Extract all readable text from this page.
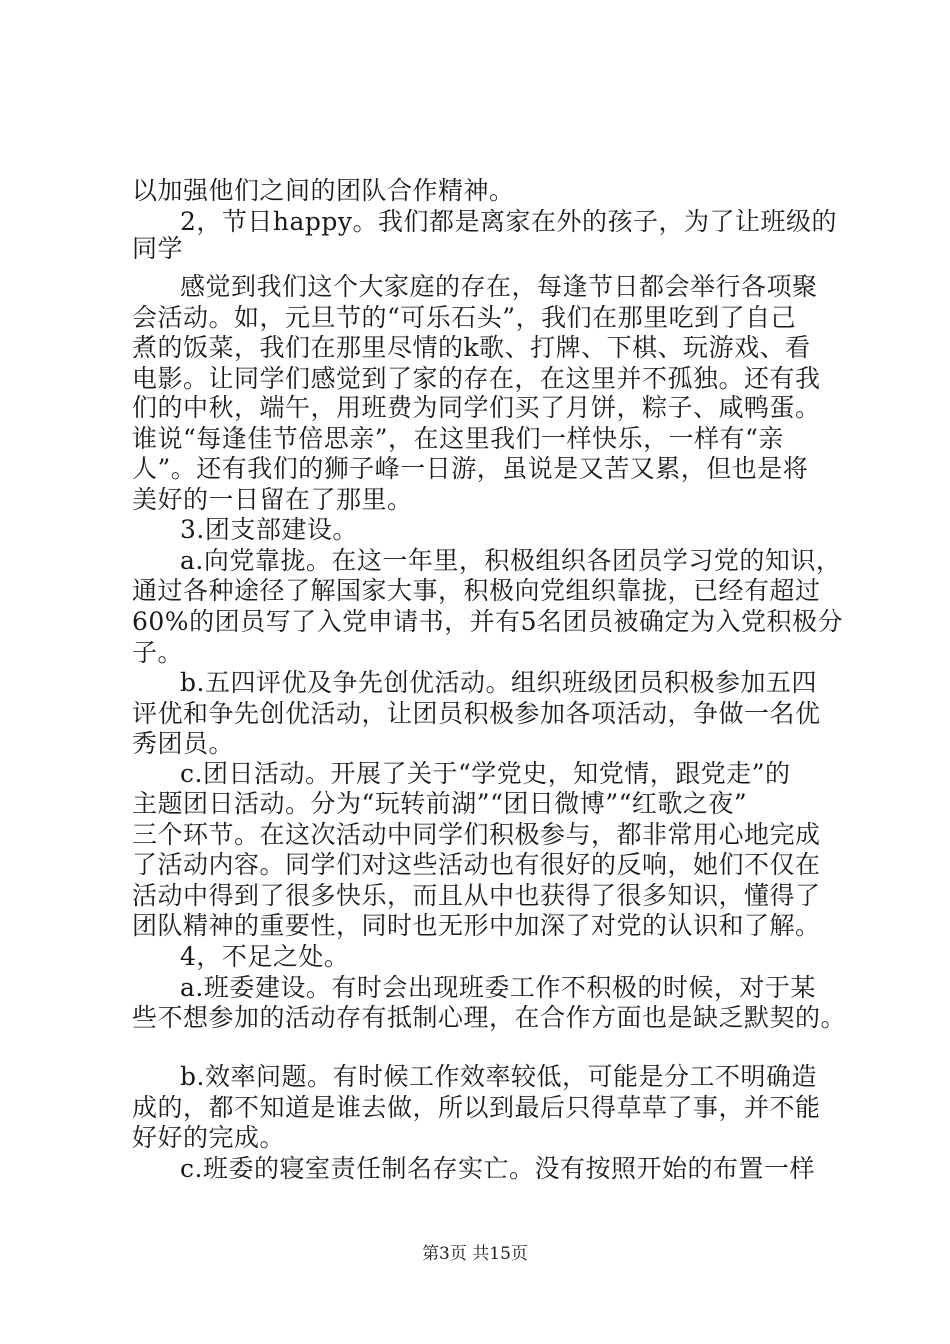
以加强他们之间的团队合作精神。
2，节日happy。我们都是离家在外的孩子，为了让班级的
同学
感觉到我们这个大家庭的存在，每逢节日都会举行各项聚
会活动。如，元旦节的“可乐石头”，我们在那里吃到了自己
煮的饭菜，我们在那里尽情的k歌、打牌、下棋、玩游戏、看
电影。让同学们感觉到了家的存在，在这里并不孤独。还有我
们的中秋，端午，用班费为同学们买了月饼，粽子、咸鸭蛋。
谁说“每逢佳节倍思亲”，在这里我们一样快乐，一样有“亲
人”。还有我们的狮子峰一日游，虽说是又苦又累，但也是将
美好的一日留在了那里。
3.团支部建设。
a.向党靠拢。在这一年里，积极组织各团员学习党的知识，
通过各种途径了解国家大事，积极向党组织靠拢，已经有超过
60%的团员写了入党申请书，并有5名团员被确定为入党积极分
子。
b.五四评优及争先创优活动。组织班级团员积极参加五四
评优和争先创优活动，让团员积极参加各项活动，争做一名优
秀团员。
c.团日活动。开展了关于“学党史，知党情，跟党走”的
主题团日活动。分为“玩转前湖”“团日微博”“红歌之夜”
三个环节。在这次活动中同学们积极参与，都非常用心地完成
了活动内容。同学们对这些活动也有很好的反响，她们不仅在
活动中得到了很多快乐，而且从中也获得了很多知识，懂得了
团队精神的重要性，同时也无形中加深了对党的认识和了解。
4，不足之处。
a.班委建设。有时会出现班委工作不积极的时候，对于某
些不想参加的活动存有抵制心理，在合作方面也是缺乏默契的。
b.效率问题。有时候工作效率较低，可能是分工不明确造
成的，都不知道是谁去做，所以到最后只得草草了事，并不能
好好的完成。
c.班委的寝室责任制名存实亡。没有按照开始的布置一样
第3页 共15页
